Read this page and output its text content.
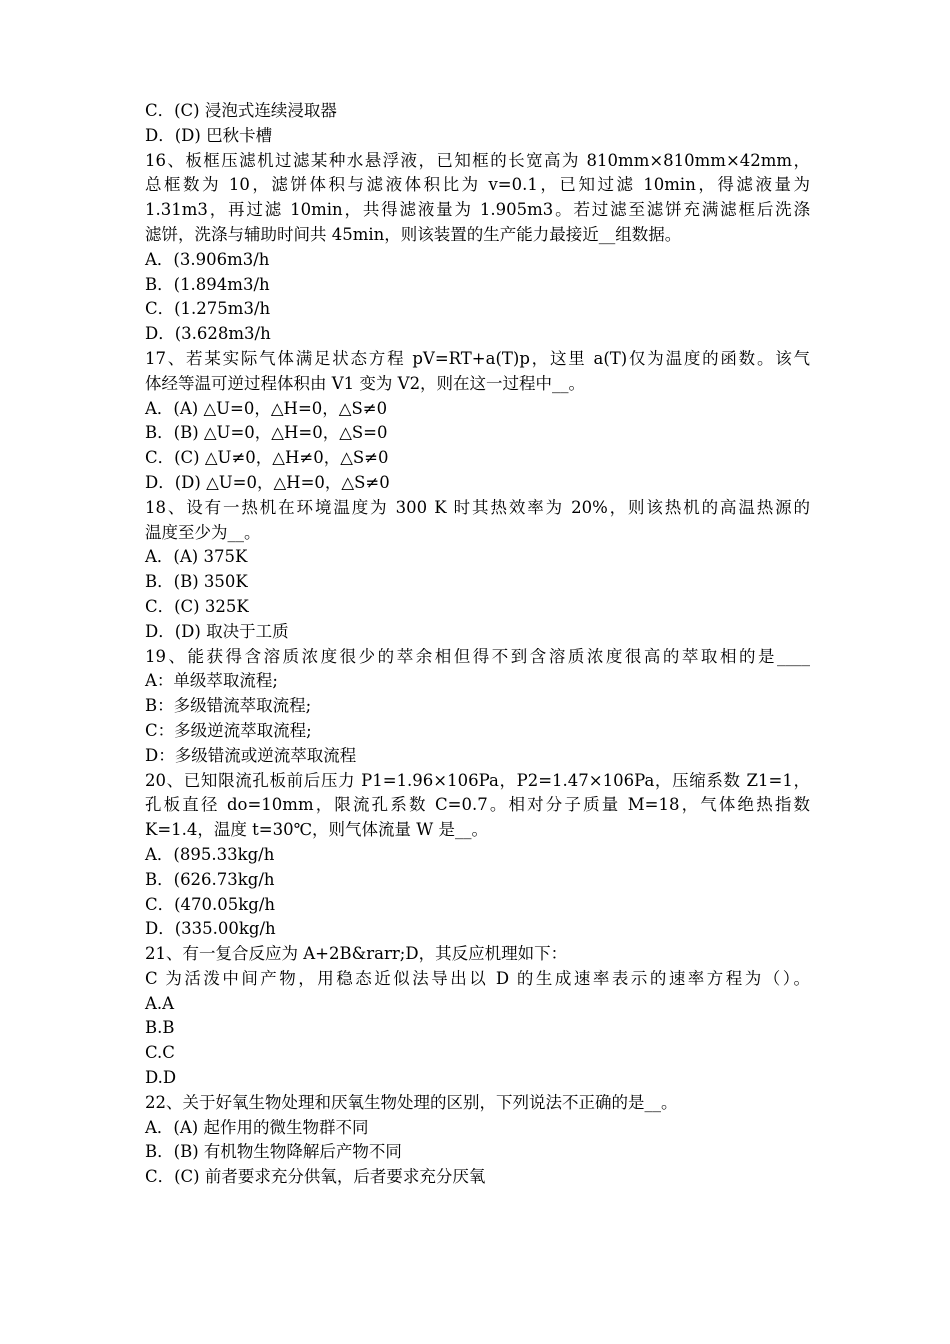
C．(C) 浸泡式连续浸取器
D．(D) 巴秋卡槽
16、板框压滤机过滤某种水悬浮液，已知框的长宽高为 810mm×810mm×42mm，
总框数为 10，滤饼体积与滤液体积比为 v=0.1，已知过滤 10min，得滤液量为
1.31m3，再过滤 10min，共得滤液量为 1.905m3。若过滤至滤饼充满滤框后洗涤
滤饼，洗涤与辅助时间共 45min，则该装置的生产能力最接近__组数据。
A．(3.906m3/h
B．(1.894m3/h
C．(1.275m3/h
D．(3.628m3/h
17、若某实际气体满足状态方程 pV=RT+a(T)p，这里 a(T)仅为温度的函数。该气
体经等温可逆过程体积由 V1 变为 V2，则在这一过程中__。
A．(A) △U=0，△H=0，△S≠0
B．(B) △U=0，△H=0，△S=0
C．(C) △U≠0，△H≠0，△S≠0
D．(D) △U=0，△H=0，△S≠0
18、设有一热机在环境温度为 300 K 时其热效率为 20%，则该热机的高温热源的
温度至少为__。
A．(A) 375K
B．(B) 350K
C．(C) 325K
D．(D) 取决于工质
19、能获得含溶质浓度很少的萃余相但得不到含溶质浓度很高的萃取相的是____
A：单级萃取流程;
B：多级错流萃取流程;
C：多级逆流萃取流程;
D：多级错流或逆流萃取流程
20、已知限流孔板前后压力 P1=1.96×106Pa，P2=1.47×106Pa，压缩系数 Z1=1，
孔板直径 do=10mm，限流孔系数 C=0.7。相对分子质量 M=18，气体绝热指数
K=1.4，温度 t=30℃，则气体流量 W 是__。
A．(895.33kg/h
B．(626.73kg/h
C．(470.05kg/h
D．(335.00kg/h
21、有一复合反应为 A+2B&rarr;D，其反应机理如下：
C 为活泼中间产物，用稳态近似法导出以 D 的生成速率表示的速率方程为（）。
A.A
B.B
C.C
D.D
22、关于好氧生物处理和厌氧生物处理的区别，下列说法不正确的是__。
A．(A) 起作用的微生物群不同
B．(B) 有机物生物降解后产物不同
C．(C) 前者要求充分供氧，后者要求充分厌氧
